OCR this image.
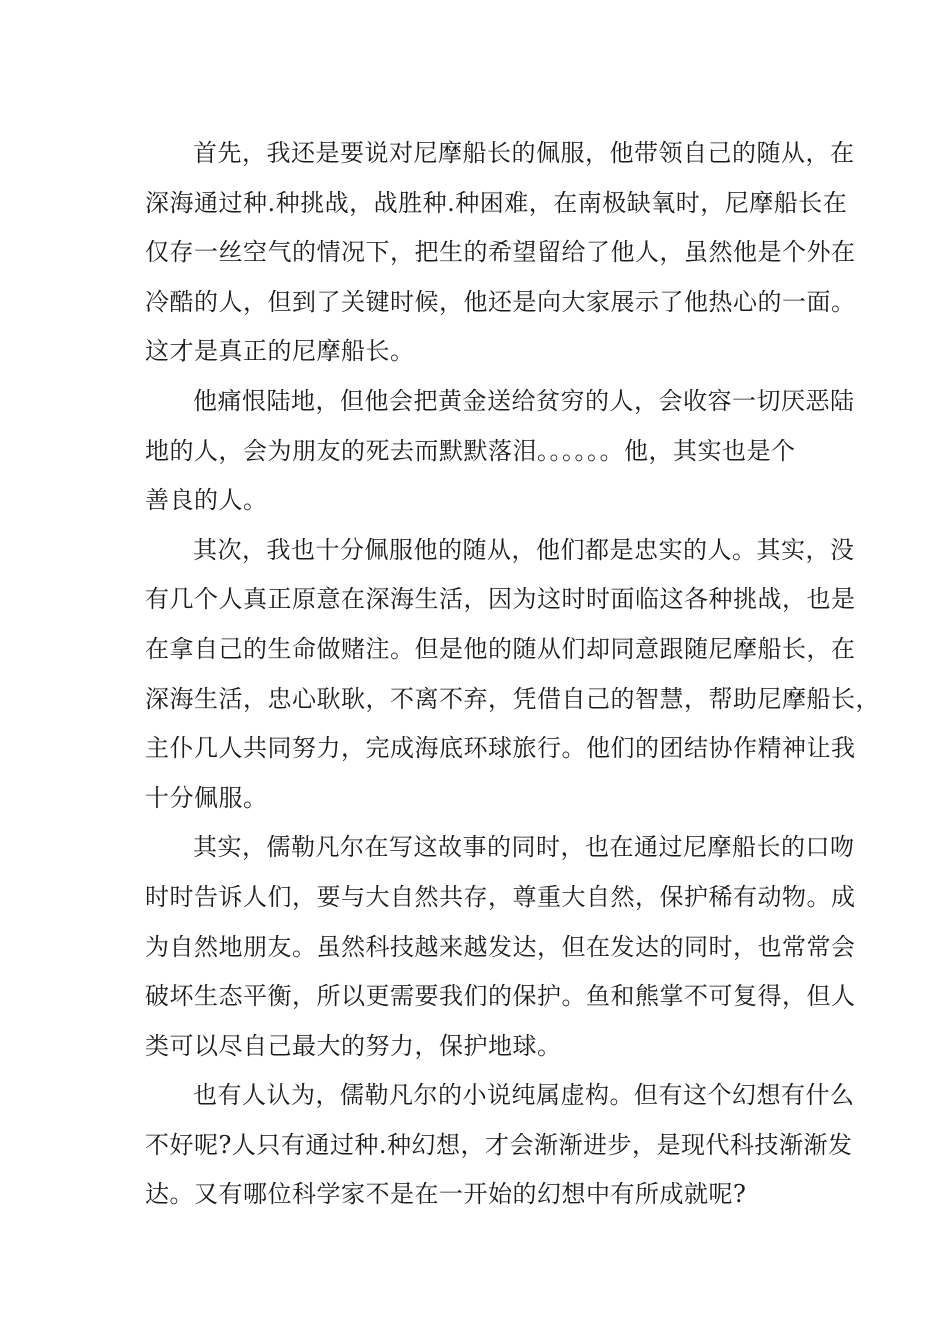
首先，我还是要说对尼摩船长的佩服，他带领自己的随从，在
深海通过种.种挑战，战胜种.种困难，在南极缺氧时，尼摩船长在
仅存一丝空气的情况下，把生的希望留给了他人，虽然他是个外在
冷酷的人，但到了关键时候，他还是向大家展示了他热心的一面。
这才是真正的尼摩船长。
他痛恨陆地，但他会把黄金送给贫穷的人，会收容一切厌恶陆
地的人，会为朋友的死去而默默落泪。。。。。。他，其实也是个
善良的人。
其次，我也十分佩服他的随从，他们都是忠实的人。其实，没
有几个人真正原意在深海生活，因为这时时面临这各种挑战，也是
在拿自己的生命做赌注。但是他的随从们却同意跟随尼摩船长，在
深海生活，忠心耿耿，不离不弃，凭借自己的智慧，帮助尼摩船长，
主仆几人共同努力，完成海底环球旅行。他们的团结协作精神让我
十分佩服。
其实，儒勒凡尔在写这故事的同时，也在通过尼摩船长的口吻
时时告诉人们，要与大自然共存，尊重大自然，保护稀有动物。成
为自然地朋友。虽然科技越来越发达，但在发达的同时，也常常会
破坏生态平衡，所以更需要我们的保护。鱼和熊掌不可复得，但人
类可以尽自己最大的努力，保护地球。
也有人认为，儒勒凡尔的小说纯属虚构。但有这个幻想有什么
不好呢?人只有通过种.种幻想，才会渐渐进步，是现代科技渐渐发
达。又有哪位科学家不是在一开始的幻想中有所成就呢?
